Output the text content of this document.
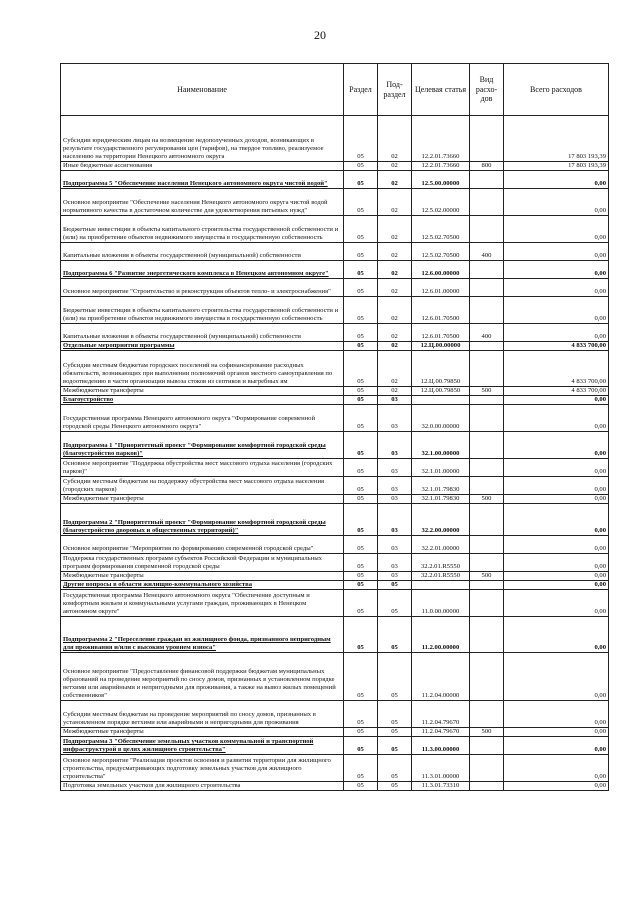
20
Наименование	Раздел	Под-раздел	Целевая статья	Вид расхо-дов	Всего расходов
Субсидии юридическим лицам на возмещение недополученных доходов, возникающих в результате государственного регулирования цен (тарифов), на твердое топливо, реализуемое населению на территории Ненецкого автономного округа	05	02	12.2.01.73660		17 803 193,39
Иные бюджетные ассигнования	05	02	12.2.01.73660	800	17 803 193,39
Подпрограмма 5 "Обеспечение населения Ненецкого автономного округа чистой водой"	05	02	12.5.00.00000		0,00
Основное мероприятие "Обеспечение населения Ненецкого автономного округа чистой водой нормативного качества в достаточном количестве для удовлетворения питьевых нужд"	05	02	12.5.02.00000		0,00
Бюджетные инвестиции в объекты капитального строительства государственной собственности и (или) на приобретение объектов недвижимого имущества в государственную собственность	05	02	12.5.02.70500		0,00
Капитальные вложения в объекты государственной (муниципальной) собственности	05	02	12.5.02.70500	400	0,00
Подпрограмма 6 "Развитие энергетического комплекса в Ненецком автономном округе"	05	02	12.6.00.00000		0,00
Основное мероприятие "Строительство и реконструкция объектов тепло- и электроснабжения"	05	02	12.6.01.00000		0,00
Бюджетные инвестиции в объекты капитального строительства государственной собственности и (или) на приобретение объектов недвижимого имущества в государственную собственность	05	02	12.6.01.70500		0,00
Капитальные вложения в объекты государственной (муниципальной) собственности	05	02	12.6.01.70500	400	0,00
Отдельные мероприятия программы	05	02	12.Ц.00.00000		4 833 700,00
Субсидии местным бюджетам городских поселений на софинансирование расходных обязательств, возникающих при выполнении полномочий органов местного самоуправления по водоотведению в части организации вывоза стоков из септиков и выгребных ям	05	02	12.Ц.00.79850		4 833 700,00
Межбюджетные трансферты	05	02	12.Ц.00.79850	500	4 833 700,00
Благоустройство	05	03			0,00
Государственная программа Ненецкого автономного округа "Формирование современной городской среды Ненецкого автономного округа"	05	03	32.0.00.00000		0,00
Подпрограмма 1 "Приоритетный проект "Формирование комфортной городской среды (благоустройство парков)"	05	03	32.1.00.00000		0,00
Основное мероприятие "Поддержка обустройства мест массового отдыха населения (городских парков)"	05	03	32.1.01.00000		0,00
Субсидии местным бюджетам на поддержку обустройства мест массового отдыха населения (городских парков)	05	03	32.1.01.79830		0,00
Межбюджетные трансферты	05	03	32.1.01.79830	500	0,00
Подпрограмма 2 "Приоритетный проект "Формирование комфортной городской среды (благоустройство дворовых и общественных территорий)"	05	03	32.2.00.00000		0,00
Основное мероприятие "Мероприятия по формированию современной городской среды"	05	03	32.2.01.00000		0,00
Поддержка государственных программ субъектов Российской Федерации и муниципальных программ формирования современной городской среды	05	03	32.2.01.R5550		0,00
Межбюджетные трансферты	05	03	32.2.01.R5550	500	0,00
Другие вопросы в области жилищно-коммунального хозяйства	05	05			0,00
Государственная программа Ненецкого автономного округа "Обеспечение доступным и комфортным жильем и коммунальными услугами граждан, проживающих в Ненецком автономном округе"	05	05	11.0.00.00000		0,00
Подпрограмма 2 "Переселение граждан из жилищного фонда, признанного непригодным для проживания и/или с высоким уровнем износа"	05	05	11.2.00.00000		0,00
Основное мероприятие "Предоставление финансовой поддержки бюджетам муниципальных образований на проведение мероприятий по сносу домов, признанных в установленном порядке ветхими или аварийными и непригодными для проживания, а также на вывоз жилых помещений собственников"	05	05	11.2.04.00000		0,00
Субсидии местным бюджетам на проведение мероприятий по сносу домов, признанных в установленном порядке ветхими или аварийными и непригодными для проживания	05	05	11.2.04.79670		0,00
Межбюджетные трансферты	05	05	11.2.04.79670	500	0,00
Подпрограмма 3 "Обеспечение земельных участков коммунальной и транспортной инфраструктурой в целях жилищного строительства"	05	05	11.3.00.00000		0,00
Основное мероприятие "Реализация проектов освоения и развития территории для жилищного строительства, предусматривающих подготовку земельных участков для жилищного строительства"	05	05	11.3.01.00000		0,00
Подготовка земельных участков для жилищного строительства	05	05	11.3.01.73310		0,00
